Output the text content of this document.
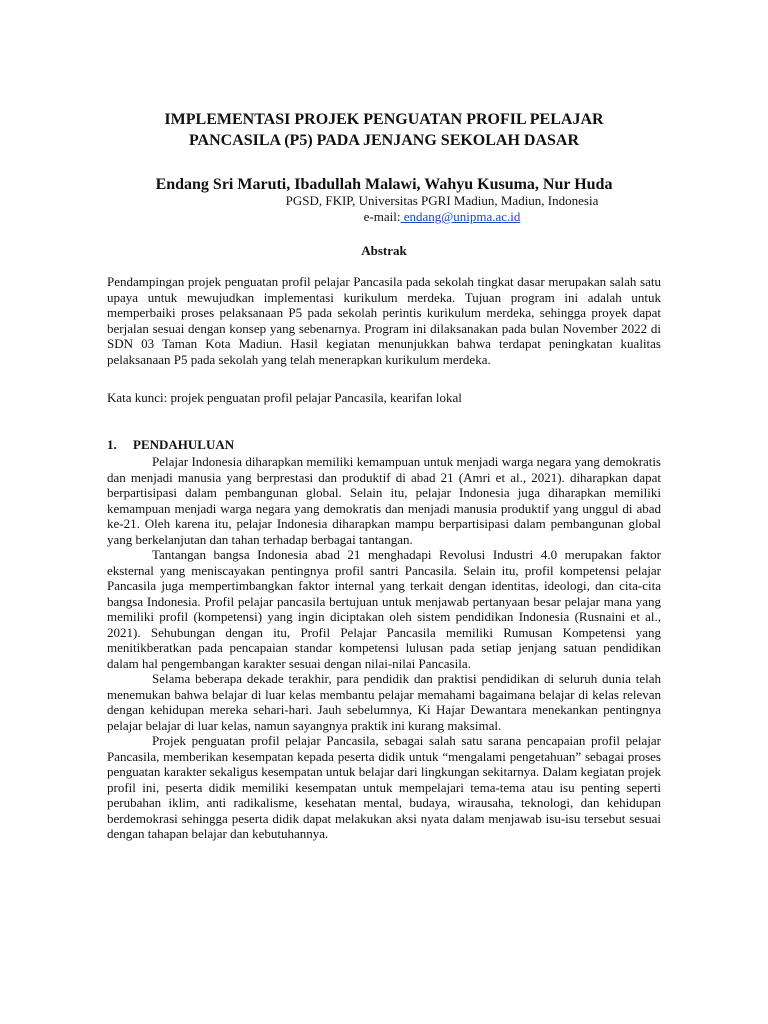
IMPLEMENTASI PROJEK PENGUATAN PROFIL PELAJAR
PANCASILA (P5) PADA JENJANG SEKOLAH DASAR

Endang Sri Maruti, Ibadullah Malawi, Wahyu Kusuma, Nur Huda

PGSD, FKIP, Universitas PGRI Madiun, Madiun, Indonesia

e-mail: endang@unipma.ac.id

Abstrak

Pendampingan projek penguatan profil pelajar Pancasila pada sekolah tingkat dasar merupakan salah satu upaya untuk mewujudkan implementasi kurikulum merdeka. Tujuan program ini adalah untuk memperbaiki proses pelaksanaan P5 pada sekolah perintis kurikulum merdeka, sehingga proyek dapat berjalan sesuai dengan konsep yang sebenarnya. Program ini dilaksanakan pada bulan November 2022 di SDN 03 Taman Kota Madiun. Hasil kegiatan menunjukkan bahwa terdapat peningkatan kualitas pelaksanaan P5 pada sekolah yang telah menerapkan kurikulum merdeka.

Kata kunci: projek penguatan profil pelajar Pancasila, kearifan lokal

1.	PENDAHULUAN

Pelajar Indonesia diharapkan memiliki kemampuan untuk menjadi warga negara yang demokratis dan menjadi manusia yang berprestasi dan produktif di abad 21 (Amri et al., 2021). diharapkan dapat berpartisipasi dalam pembangunan global. Selain itu, pelajar Indonesia juga diharapkan memiliki kemampuan menjadi warga negara yang demokratis dan menjadi manusia produktif yang unggul di abad ke-21. Oleh karena itu, pelajar Indonesia diharapkan mampu berpartisipasi dalam pembangunan global yang berkelanjutan dan tahan terhadap berbagai tantangan.

Tantangan bangsa Indonesia abad 21 menghadapi Revolusi Industri 4.0 merupakan faktor eksternal yang meniscayakan pentingnya profil santri Pancasila. Selain itu, profil kompetensi pelajar Pancasila juga mempertimbangkan faktor internal yang terkait dengan identitas, ideologi, dan cita-cita bangsa Indonesia. Profil pelajar pancasila bertujuan untuk menjawab pertanyaan besar pelajar mana yang memiliki profil (kompetensi) yang ingin diciptakan oleh sistem pendidikan Indonesia (Rusnaini et al., 2021). Sehubungan dengan itu, Profil Pelajar Pancasila memiliki Rumusan Kompetensi yang menitikberatkan pada pencapaian standar kompetensi lulusan pada setiap jenjang satuan pendidikan dalam hal pengembangan karakter sesuai dengan nilai-nilai Pancasila.

Selama beberapa dekade terakhir, para pendidik dan praktisi pendidikan di seluruh dunia telah menemukan bahwa belajar di luar kelas membantu pelajar memahami bagaimana belajar di kelas relevan dengan kehidupan mereka sehari-hari. Jauh sebelumnya, Ki Hajar Dewantara menekankan pentingnya pelajar belajar di luar kelas, namun sayangnya praktik ini kurang maksimal.

Projek penguatan profil pelajar Pancasila, sebagai salah satu sarana pencapaian profil pelajar Pancasila, memberikan kesempatan kepada peserta didik untuk “mengalami pengetahuan” sebagai proses penguatan karakter sekaligus kesempatan untuk belajar dari lingkungan sekitarnya. Dalam kegiatan projek profil ini, peserta didik memiliki kesempatan untuk mempelajari tema-tema atau isu penting seperti perubahan iklim, anti radikalisme, kesehatan mental, budaya, wirausaha, teknologi, dan kehidupan berdemokrasi sehingga peserta didik dapat melakukan aksi nyata dalam menjawab isu-isu tersebut sesuai dengan tahapan belajar dan kebutuhannya.
